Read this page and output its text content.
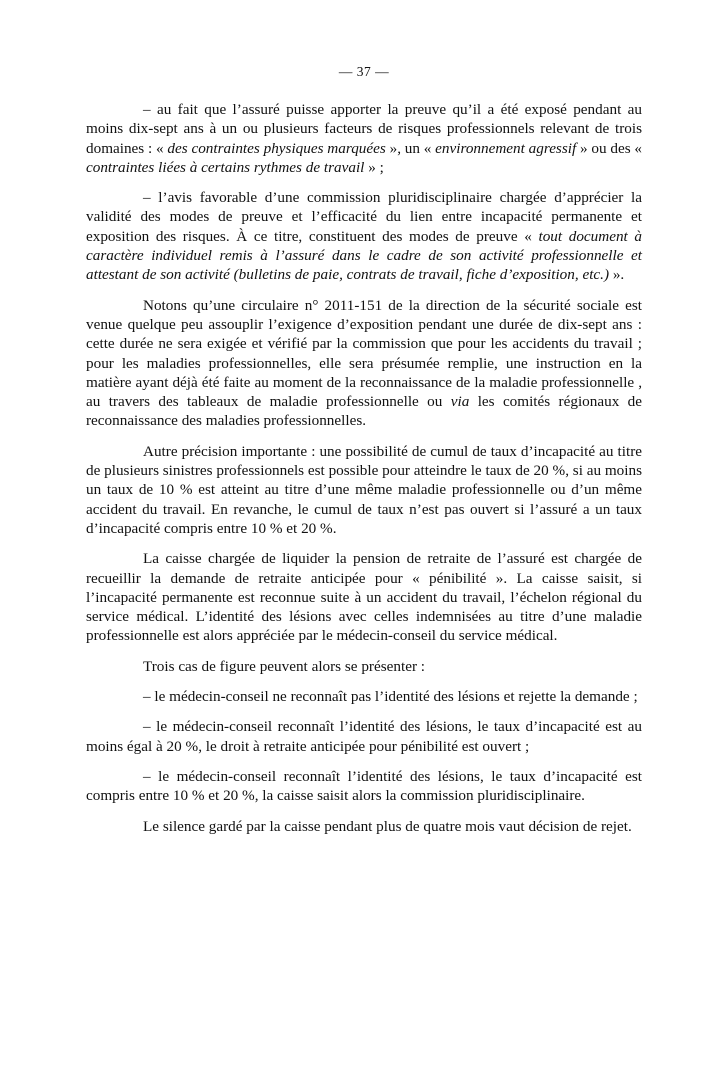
— 37 —

– au fait que l’assuré puisse apporter la preuve qu’il a été exposé pendant au moins dix-sept ans à un ou plusieurs facteurs de risques professionnels relevant de trois domaines : « des contraintes physiques marquées », un « environnement agressif » ou des « contraintes liées à certains rythmes de travail » ;

– l’avis favorable d’une commission pluridisciplinaire chargée d’apprécier la validité des modes de preuve et l’efficacité du lien entre incapacité permanente et exposition des risques. À ce titre, constituent des modes de preuve « tout document à caractère individuel remis à l’assuré dans le cadre de son activité professionnelle et attestant de son activité (bulletins de paie, contrats de travail, fiche d’exposition, etc.) ».

Notons qu’une circulaire n° 2011-151 de la direction de la sécurité sociale est venue quelque peu assouplir l’exigence d’exposition pendant une durée de dix-sept ans : cette durée ne sera exigée et vérifié par la commission que pour les accidents du travail ; pour les maladies professionnelles, elle sera présumée remplie, une instruction en la matière ayant déjà été faite au moment de la reconnaissance de la maladie professionnelle , au travers des tableaux de maladie professionnelle ou via les comités régionaux de reconnaissance des maladies professionnelles.

Autre précision importante : une possibilité de cumul de taux d’incapacité au titre de plusieurs sinistres professionnels est possible pour atteindre le taux de 20 %, si au moins un taux de 10 % est atteint au titre d’une même maladie professionnelle ou d’un même accident du travail. En revanche, le cumul de taux n’est pas ouvert si l’assuré a un taux d’incapacité compris entre 10 % et 20 %.

La caisse chargée de liquider la pension de retraite de l’assuré est chargée de recueillir la demande de retraite anticipée pour « pénibilité ». La caisse saisit, si l’incapacité permanente est reconnue suite à un accident du travail, l’échelon régional du service médical. L’identité des lésions avec celles indemnisées au titre d’une maladie professionnelle est alors appréciée par le médecin-conseil du service médical.

Trois cas de figure peuvent alors se présenter :

– le médecin-conseil ne reconnaît pas l’identité des lésions et rejette la demande ;

– le médecin-conseil reconnaît l’identité des lésions, le taux d’incapacité est au moins égal à 20 %, le droit à retraite anticipée pour pénibilité est ouvert ;

– le médecin-conseil reconnaît l’identité des lésions, le taux d’incapacité est compris entre 10 % et 20 %, la caisse saisit alors la commission pluridisciplinaire.

Le silence gardé par la caisse pendant plus de quatre mois vaut décision de rejet.
